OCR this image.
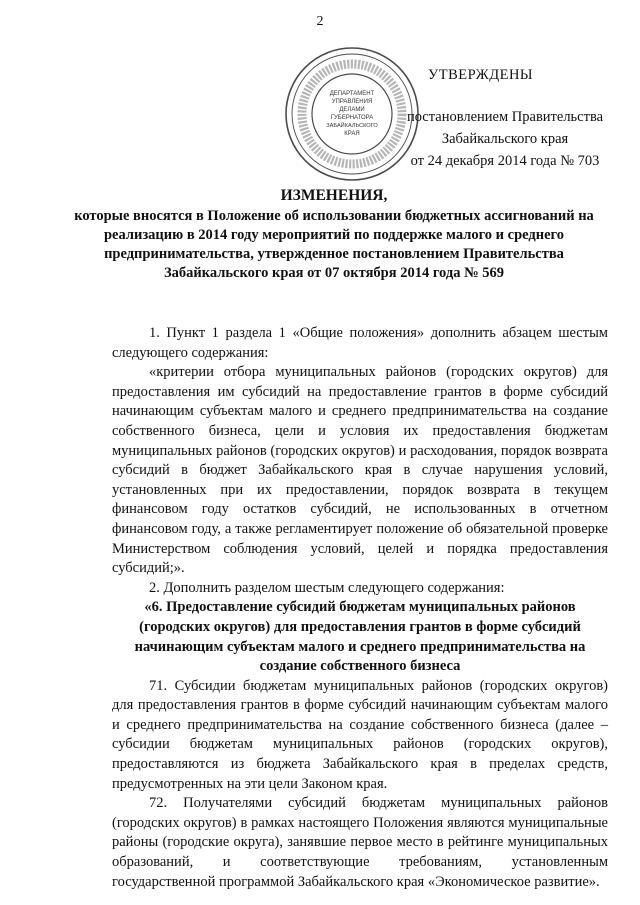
2
ДЕПАРТАМЕНТ
УПРАВЛЕНИЯ
ДЕЛАМИ
ГУБЕРНАТОРА
ЗАБАЙКАЛЬСКОГО
КРАЯ
УТВЕРЖДЕНЫ
постановлением Правительства
Забайкальского края
от 24 декабря 2014 года № 703
ИЗМЕНЕНИЯ,
которые вносятся в Положение об использовании бюджетных ассигнований на реализацию в 2014 году мероприятий по поддержке малого и среднего предпринимательства, утвержденное постановлением Правительства Забайкальского края от 07 октября 2014 года № 569

1. Пункт 1 раздела 1 «Общие положения» дополнить абзацем шестым следующего содержания:

«критерии отбора муниципальных районов (городских округов) для предоставления им субсидий на предоставление грантов в форме субсидий начинающим субъектам малого и среднего предпринимательства на создание собственного бизнеса, цели и условия их предоставления бюджетам муниципальных районов (городских округов) и расходования, порядок возврата субсидий в бюджет Забайкальского края в случае нарушения условий, установленных при их предоставлении, порядок возврата в текущем финансовом году остатков субсидий, не использованных в отчетном финансовом году, а также регламентирует положение об обязательной проверке Министерством соблюдения условий, целей и порядка предоставления субсидий;».

2. Дополнить разделом шестым следующего содержания:

«6. Предоставление субсидий бюджетам муниципальных районов (городских округов) для предоставления грантов в форме субсидий начинающим субъектам малого и среднего предпринимательства на создание собственного бизнеса

71. Субсидии бюджетам муниципальных районов (городских округов) для предоставления грантов в форме субсидий начинающим субъектам малого и среднего предпринимательства на создание собственного бизнеса (далее – субсидии бюджетам муниципальных районов (городских округов), предоставляются из бюджета Забайкальского края в пределах средств, предусмотренных на эти цели Законом края.

72. Получателями субсидий бюджетам муниципальных районов (городских округов) в рамках настоящего Положения являются муниципальные районы (городские округа), занявшие первое место в рейтинге муниципальных образований, и соответствующие требованиям, установленным государственной программой Забайкальского края «Экономическое развитие».
